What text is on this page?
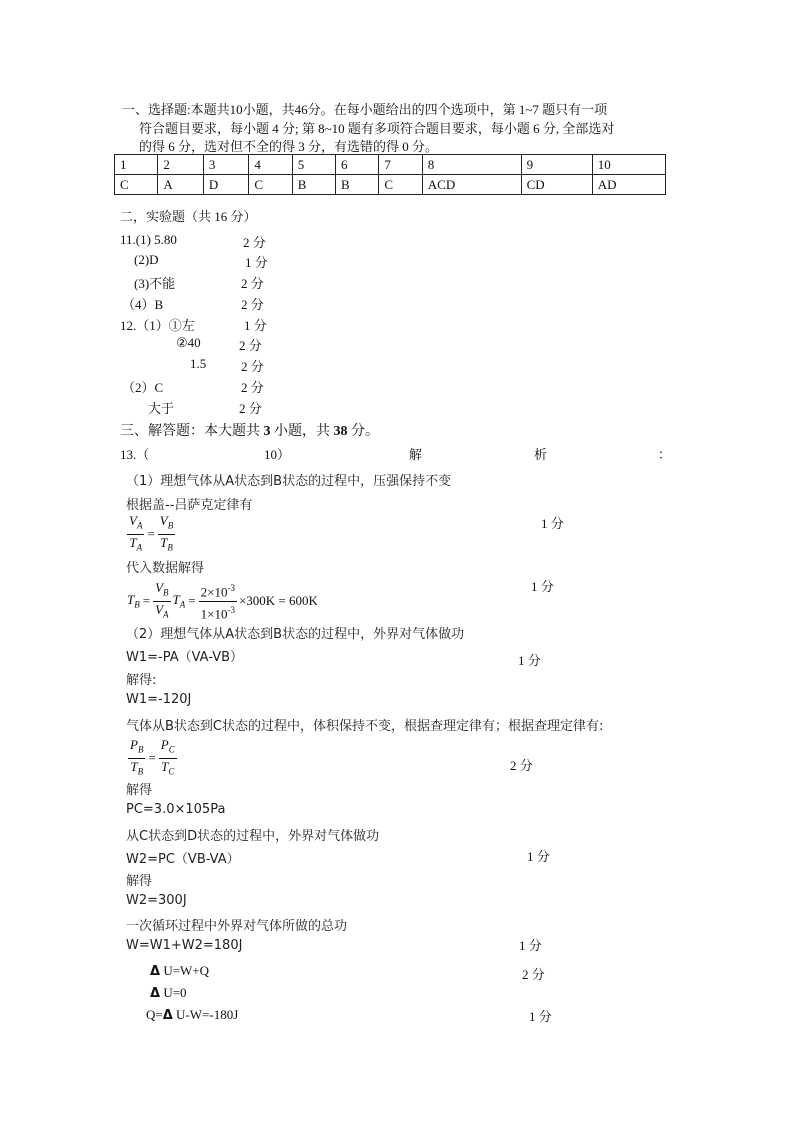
一、选择题:本题共10小题，共46分。在每小题给出的四个选项中，第 1~7 题只有一项
符合题目要求，每小题 4 分; 第 8~10 题有多项符合题目要求，每小题 6 分, 全部选对
的得 6 分，选对但不全的得 3 分，有选错的得 0 分。
1	2	3	4	5	6	7	8	9	10
C	A	D	C	B	B	C	ACD	CD	AD
二，实验题（共 16 分）
11.(1) 5.80	2 分
(2)D	1 分
(3)不能	2 分
（4）B	2 分
12.（1）①左	1 分
②40	2 分
1.5	2 分
（2）C	2 分
大于	2 分
三、解答题：本大题共 3 小题，共 38 分。
13.（	10）	解	析	：
（1）理想气体从A状态到B状态的过程中，压强保持不变
根据盖--吕萨克定律有
$\frac{V_A}{T_A} = \frac{V_B}{T_B}$	1 分
代入数据解得
1 分
$T_B = \frac{V_B}{V_A} T_A = \frac{2\times 10^{-3}}{1\times 10^{-3}} \times 300K = 600K$
（2）理想气体从A状态到B状态的过程中，外界对气体做功
W1=-PA（VA-VB）	1 分
解得:
W1=-120J
气体从B状态到C状态的过程中，体积保持不变，根据查理定律有；根据查理定律有:
$\frac{P_B}{T_B} = \frac{P_C}{T_C}$	2 分
解得
PC=3.0×105Pa
从C状态到D状态的过程中，外界对气体做功
W2=PC（VB-VA）	1 分
解得
W2=300J
一次循环过程中外界对气体所做的总功
W=W1+W2=180J	1 分
Δ U=W+Q	2 分
Δ U=0
Q=Δ U-W=-180J	1 分
